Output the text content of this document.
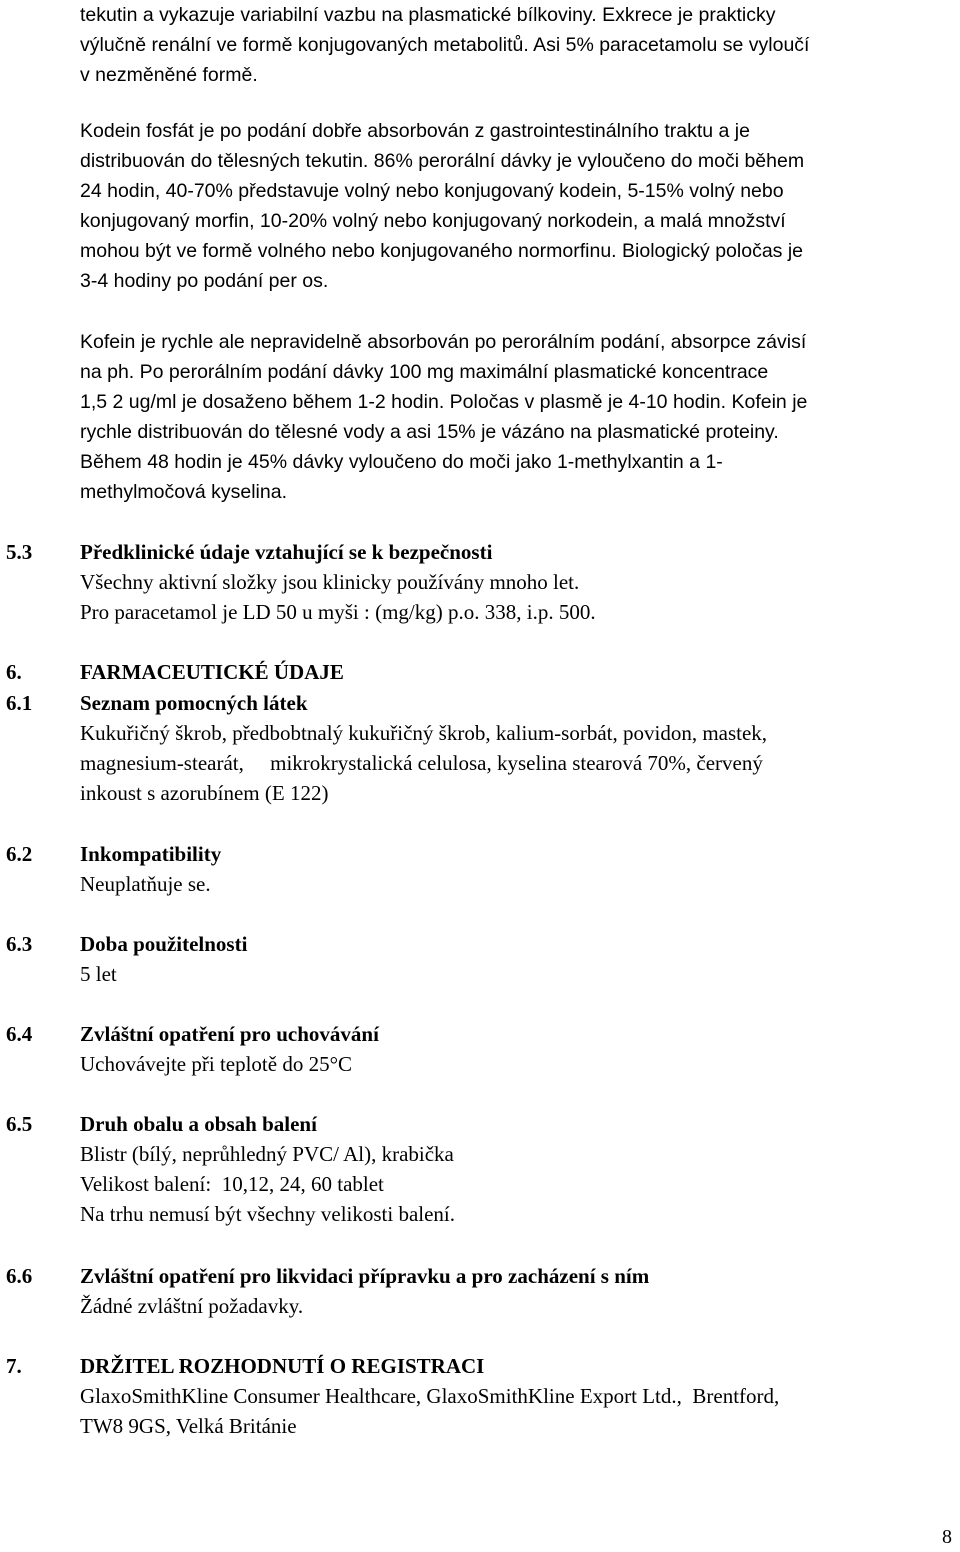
tekutin a vykazuje variabilní vazbu na plasmatické bílkoviny. Exkrece je prakticky
výlučně renální ve formě konjugovaných metabolitů. Asi 5% paracetamolu se vyloučí
v nezměněné formě.
Kodein fosfát je po podání dobře absorbován z gastrointestinálního traktu a je
distribuován do tělesných tekutin. 86% perorální dávky je vyloučeno do moči během
24 hodin, 40-70% představuje volný nebo konjugovaný kodein, 5-15% volný nebo
konjugovaný morfin, 10-20% volný nebo konjugovaný norkodein, a malá množství
mohou být ve formě volného nebo konjugovaného normorfinu. Biologický poločas je
3-4 hodiny po podání per os.
Kofein je rychle ale nepravidelně absorbován po perorálním podání, absorpce závisí
na ph. Po perorálním podání dávky 100 mg maximální plasmatické koncentrace
1,5 2 ug/ml je dosaženo během 1-2 hodin. Poločas v plasmě je 4-10 hodin. Kofein je
rychle distribuován do tělesné vody a asi 15% je vázáno na plasmatické proteiny.
Během 48 hodin je 45% dávky vyloučeno do moči jako 1-methylxantin a 1-
methylmočová kyselina.
5.3 Předklinické údaje vztahující se k bezpečnosti
Všechny aktivní složky jsou klinicky používány mnoho let.
Pro paracetamol je LD 50 u myši : (mg/kg) p.o. 338, i.p. 500.
6.	FARMACEUTICKÉ ÚDAJE
6.1 Seznam pomocných látek
Kukuřičný škrob, předbobtnalý kukuřičný škrob, kalium-sorbát, povidon, mastek,
magnesium-stearát,     mikrokrystalická celulosa, kyselina stearová 70%, červený
inkoust s azorubínem (E 122)
6.2 Inkompatibility
Neuplatňuje se.
6.3 Doba použitelnosti
5 let
6.4 Zvláštní opatření pro uchovávání
Uchovávejte při teplotě do 25°C
6.5 Druh obalu a obsah balení
Blistr (bílý, neprůhledný PVC/ Al), krabička
Velikost balení:  10,12, 24, 60 tablet
Na trhu nemusí být všechny velikosti balení.
6.6 Zvláštní opatření pro likvidaci přípravku a pro zacházení s ním
Žádné zvláštní požadavky.
7.	DRŽITEL ROZHODNUTÍ O REGISTRACI
GlaxoSmithKline Consumer Healthcare, GlaxoSmithKline Export Ltd.,  Brentford,
TW8 9GS, Velká Británie
8
